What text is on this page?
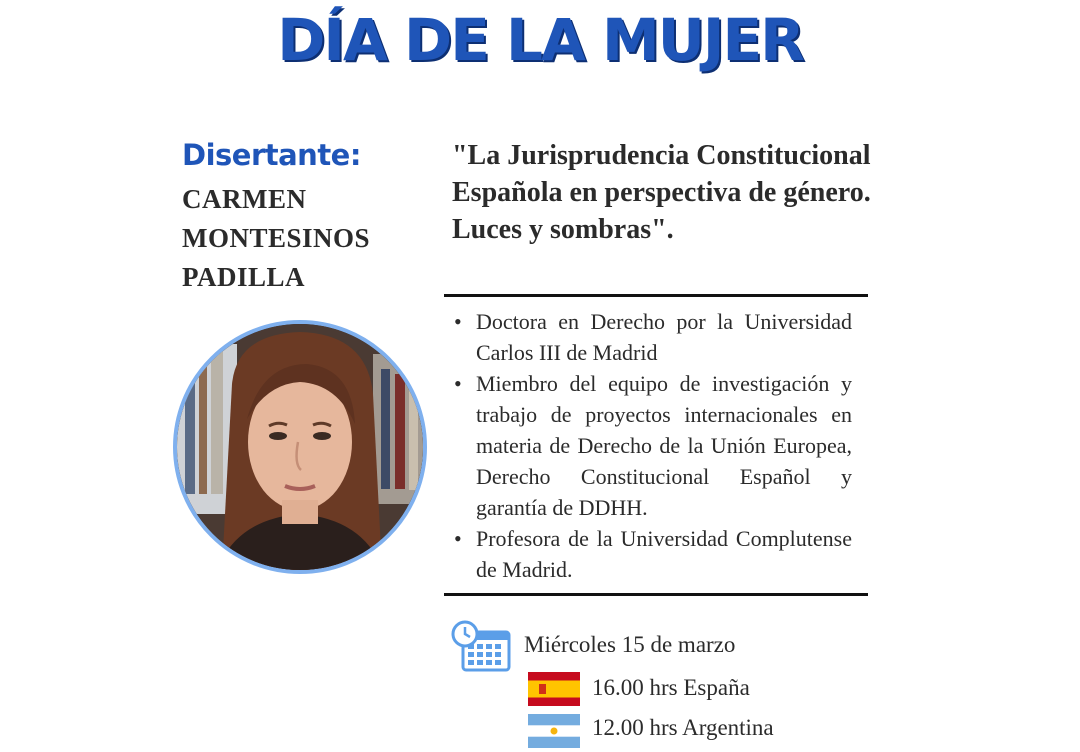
DÍA DE LA MUJER
Disertante:
CARMEN
MONTESINOS
PADILLA
"La Jurisprudencia Constitucional
Española en perspectiva de género.
Luces y sombras".
• Doctora en Derecho por la Universidad Carlos III de Madrid
• Miembro del equipo de investigación y trabajo de proyectos internacionales en materia de Derecho de la Unión Europea, Derecho Constitucional Español y garantía de DDHH.
• Profesora de la Universidad Complutense de Madrid.
Miércoles 15 de marzo
16.00 hrs España
12.00 hrs Argentina
